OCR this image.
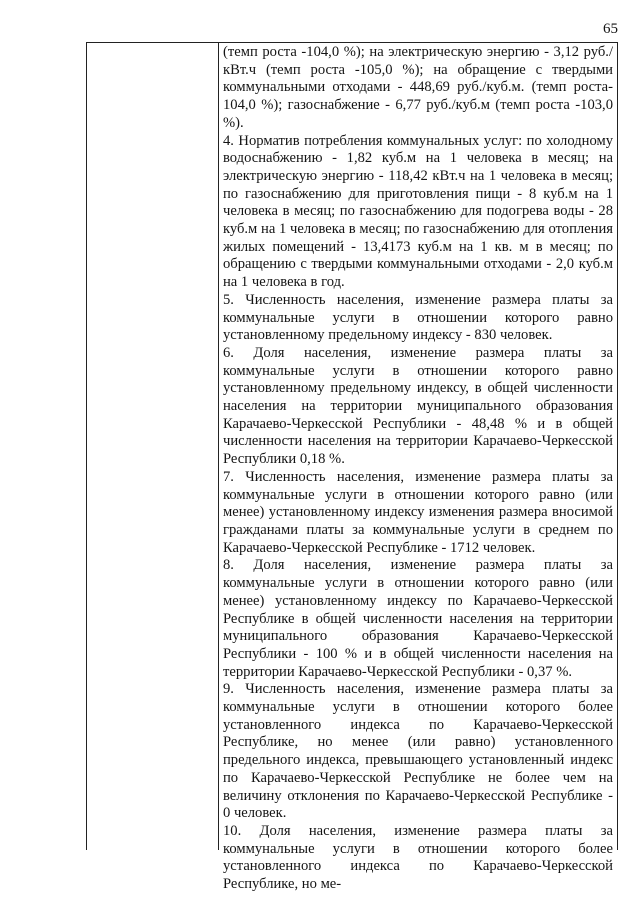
65

(темп роста -104,0 %); на электрическую энергию - 3,12 руб./кВт.ч (темп роста -105,0 %); на обращение с твердыми коммунальными отходами - 448,69 руб./куб.м. (темп роста- 104,0 %); газоснабжение - 6,77 руб./куб.м (темп роста -103,0 %).

4. Норматив потребления коммунальных услуг: по холодному водоснабжению - 1,82 куб.м на 1 человека в месяц; на электрическую энергию - 118,42 кВт.ч на 1 человека в месяц; по газоснабжению для приготовления пищи - 8 куб.м на 1 человека в месяц; по газоснабжению для подогрева воды - 28 куб.м на 1 человека в месяц; по газоснабжению для отопления жилых помещений - 13,4173 куб.м на 1 кв. м в месяц; по обращению с твердыми коммунальными отходами - 2,0 куб.м на 1 человека в год.

5. Численность населения, изменение размера платы за коммунальные услуги в отношении которого равно установленному предельному индексу - 830 человек.

6. Доля населения, изменение размера платы за коммунальные услуги в отношении которого равно установленному предельному индексу, в общей численности населения на территории муниципального образования Карачаево-Черкесской Республики - 48,48 % и в общей численности населения на территории Карачаево-Черкесской Республики 0,18 %.

7. Численность населения, изменение размера платы за коммунальные услуги в отношении которого равно (или менее) установленному индексу изменения размера вносимой гражданами платы за коммунальные услуги в среднем по Карачаево-Черкесской Республике - 1712 человек.

8. Доля населения, изменение размера платы за коммунальные услуги в отношении которого равно (или менее) установленному индексу по Карачаево-Черкесской Республике в общей численности населения на территории муниципального образования Карачаево-Черкесской Республики - 100 % и в общей численности населения на территории Карачаево-Черкесской Республики - 0,37 %.

9. Численность населения, изменение размера платы за коммунальные услуги в отношении которого более установленного индекса по Карачаево-Черкесской Республике, но менее (или равно) установленного предельного индекса, превышающего установленный индекс по Карачаево-Черкесской Республике не более чем на величину отклонения по Карачаево-Черкесской Республике - 0 человек.

10. Доля населения, изменение размера платы за коммунальные услуги в отношении которого более установленного индекса по Карачаево-Черкесской Республике, но ме-
